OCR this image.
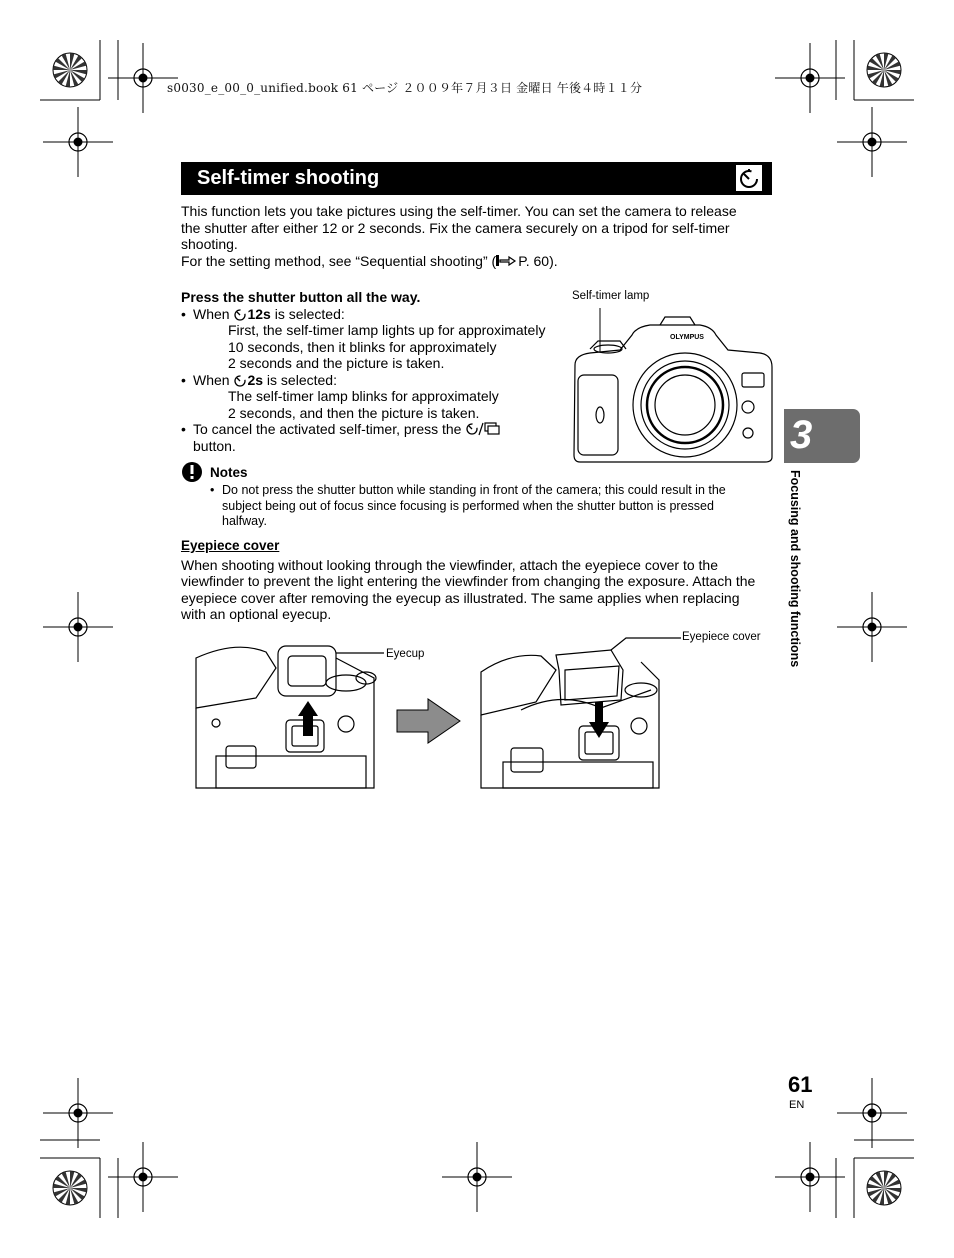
s0030_e_00_0_unified.book 61 ページ ２００９年７月３日 金曜日 午後４時１１分
Self-timer shooting
This function lets you take pictures using the self-timer. You can set the camera to release
the shutter after either 12 or 2 seconds. Fix the camera securely on a tripod for self-timer
shooting.
For the setting method, see “Sequential shooting” ( P. 60).
Press the shutter button all the way.
• When 12s is selected:
First, the self-timer lamp lights up for approximately
10 seconds, then it blinks for approximately
2 seconds and the picture is taken.
• When 2s is selected:
The self-timer lamp blinks for approximately
2 seconds, and then the picture is taken.
• To cancel the activated self-timer, press the
button.
Self-timer lamp
OLYMPUS
Notes
• Do not press the shutter button while standing in front of the camera; this could result in the
subject being out of focus since focusing is performed when the shutter button is pressed
halfway.
Eyepiece cover
When shooting without looking through the viewfinder, attach the eyepiece cover to the
viewfinder to prevent the light entering the viewfinder from changing the exposure. Attach the
eyepiece cover after removing the eyecup as illustrated. The same applies when replacing
with an optional eyecup.
Eyecup
Eyepiece cover
3
Focusing and shooting functions
61
EN
